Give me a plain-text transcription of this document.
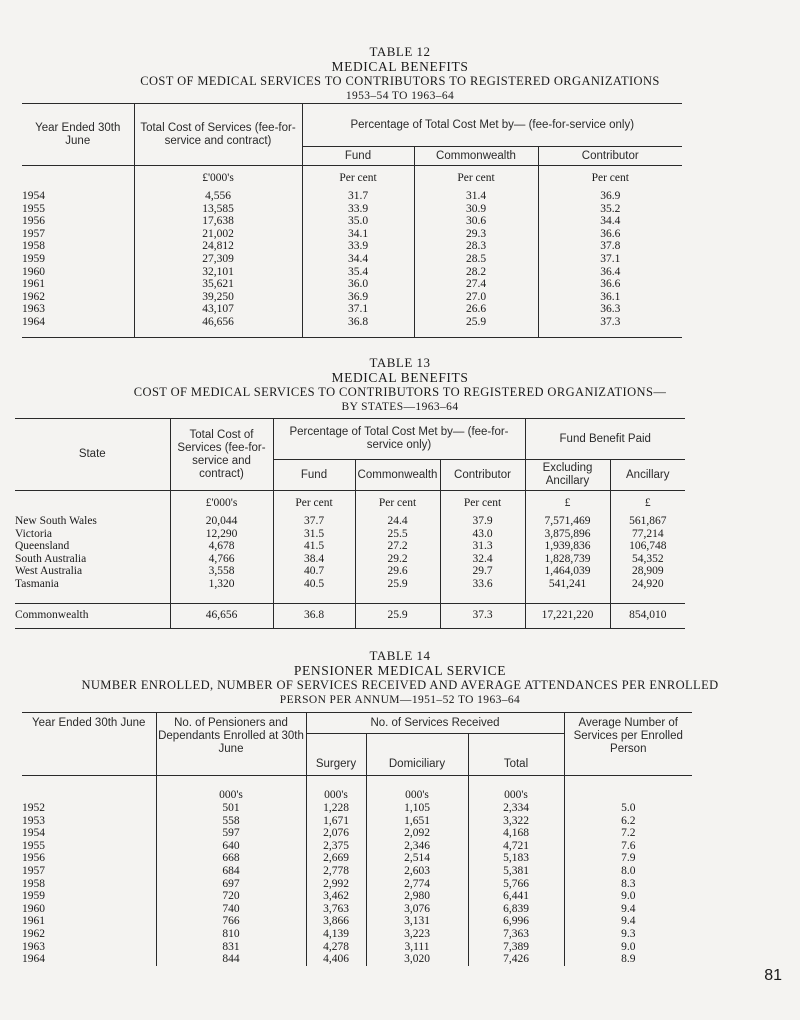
TABLE 12
MEDICAL BENEFITS
COST OF MEDICAL SERVICES TO CONTRIBUTORS TO REGISTERED ORGANIZATIONS
1953–54 TO 1963–64
Year Ended 30th June	Total Cost of Services (fee-for-service and contract)	Percentage of Total Cost Met by— (fee-for-service only)		
		Fund	Commonwealth	Contributor
	£'000's	Per cent	Per cent	Per cent
1954	4,556	31.7	31.4	36.9
1955	13,585	33.9	30.9	35.2
1956	17,638	35.0	30.6	34.4
1957	21,002	34.1	29.3	36.6
1958	24,812	33.9	28.3	37.8
1959	27,309	34.4	28.5	37.1
1960	32,101	35.4	28.2	36.4
1961	35,621	36.0	27.4	36.6
1962	39,250	36.9	27.0	36.1
1963	43,107	37.1	26.6	36.3
1964	46,656	36.8	25.9	37.3

TABLE 13
MEDICAL BENEFITS
COST OF MEDICAL SERVICES TO CONTRIBUTORS TO REGISTERED ORGANIZATIONS—
BY STATES—1963–64
State	Total Cost of Services (fee-for-service and contract)	Percentage of Total Cost Met by— (fee-for-service only)			Fund Benefit Paid	
		Fund	Commonwealth	Contributor	Excluding Ancillary	Ancillary
	£'000's	Per cent	Per cent	Per cent	£	£
New South Wales	20,044	37.7	24.4	37.9	7,571,469	561,867
Victoria	12,290	31.5	25.5	43.0	3,875,896	77,214
Queensland	4,678	41.5	27.2	31.3	1,939,836	106,748
South Australia	4,766	38.4	29.2	32.4	1,828,739	54,352
West Australia	3,558	40.7	29.6	29.7	1,464,039	28,909
Tasmania	1,320	40.5	25.9	33.6	541,241	24,920

Commonwealth	46,656	36.8	25.9	37.3	17,221,220	854,010
TABLE 14
PENSIONER MEDICAL SERVICE
NUMBER ENROLLED, NUMBER OF SERVICES RECEIVED AND AVERAGE ATTENDANCES PER ENROLLED
PERSON PER ANNUM—1951–52 TO 1963–64
Year Ended 30th June	No. of Pensioners and Dependants Enrolled at 30th June	No. of Services Received			Average Number of Services per Enrolled Person
		Surgery	Domiciliary	Total	
	000's	000's	000's	000's	
1952	501	1,228	1,105	2,334	5.0
1953	558	1,671	1,651	3,322	6.2
1954	597	2,076	2,092	4,168	7.2
1955	640	2,375	2,346	4,721	7.6
1956	668	2,669	2,514	5,183	7.9
1957	684	2,778	2,603	5,381	8.0
1958	697	2,992	2,774	5,766	8.3
1959	720	3,462	2,980	6,441	9.0
1960	740	3,763	3,076	6,839	9.4
1961	766	3,866	3,131	6,996	9.4
1962	810	4,139	3,223	7,363	9.3
1963	831	4,278	3,111	7,389	9.0
1964	844	4,406	3,020	7,426	8.9
81
